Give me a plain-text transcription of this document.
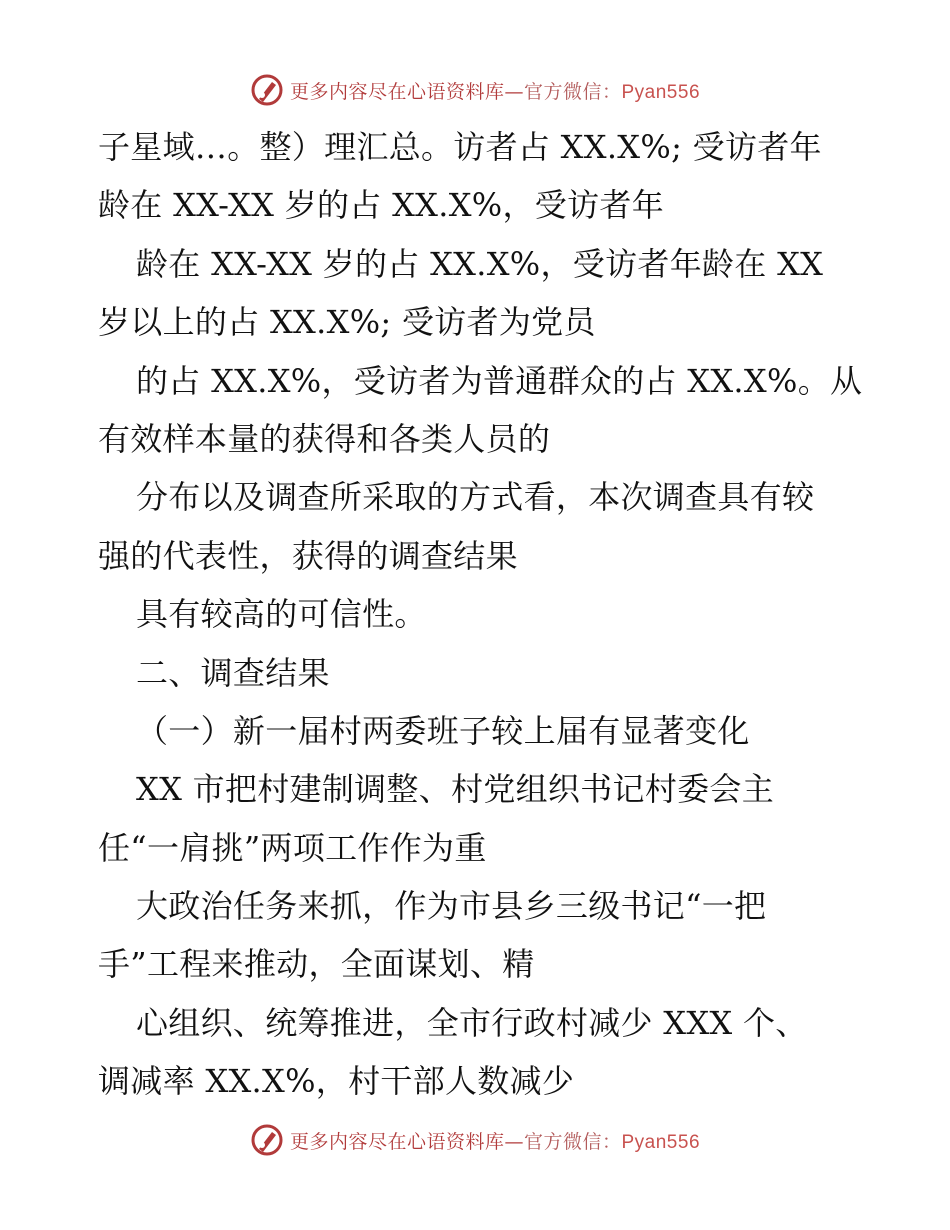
更多内容尽在心语资料库—官方微信：Pyan556
子星域…。整）理汇总。访者占 XX.X%; 受访者年
龄在 XX-XX 岁的占 XX.X%，受访者年
龄在 XX-XX 岁的占 XX.X%，受访者年龄在 XX
岁以上的占 XX.X%; 受访者为党员
的占 XX.X%，受访者为普通群众的占 XX.X%。从
有效样本量的获得和各类人员的
分布以及调查所采取的方式看，本次调查具有较
强的代表性，获得的调查结果
具有较高的可信性。
二、调查结果
（一）新一届村两委班子较上届有显著变化
XX 市把村建制调整、村党组织书记村委会主
任“一肩挑”两项工作作为重
大政治任务来抓，作为市县乡三级书记“一把
手”工程来推动，全面谋划、精
心组织、统筹推进，全市行政村减少 XXX 个、
调减率 XX.X%，村干部人数减少
更多内容尽在心语资料库—官方微信：Pyan556
